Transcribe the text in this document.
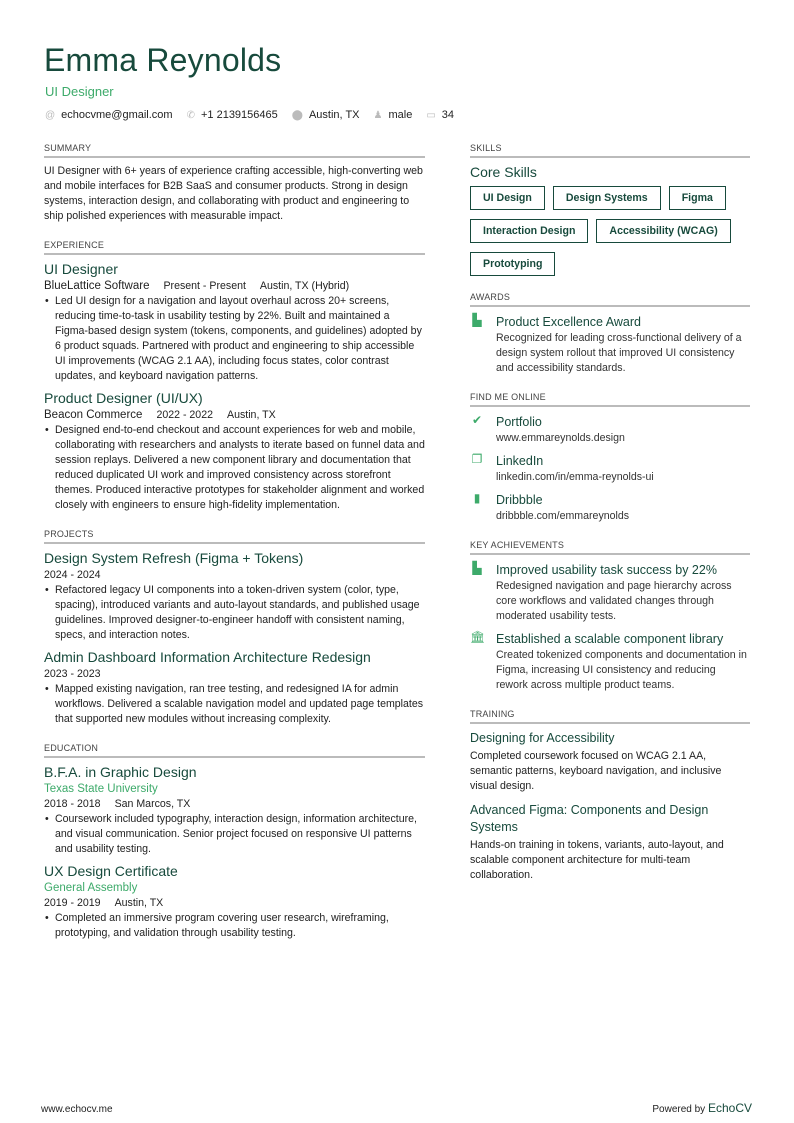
Emma Reynolds
UI Designer
@ echocvme@gmail.com ✆ +1 2139156465 ⬤ Austin, TX ♟ male ▭ 34
SUMMARY

UI Designer with 6+ years of experience crafting accessible, high-converting web and mobile interfaces for B2B SaaS and consumer products. Strong in design systems, interaction design, and collaborating with product and engineering to ship polished experiences with measurable impact.

EXPERIENCE
UI Designer
BlueLattice Software Present - Present Austin, TX (Hybrid)
• Led UI design for a navigation and layout overhaul across 20+ screens, reducing time-to-task in usability testing by 22%. Built and maintained a Figma-based design system (tokens, components, and guidelines) adopted by 6 product squads. Partnered with product and engineering to ship accessible UI improvements (WCAG 2.1 AA), including focus states, color contrast updates, and keyboard navigation patterns.
Product Designer (UI/UX)
Beacon Commerce 2022 - 2022 Austin, TX
• Designed end-to-end checkout and account experiences for web and mobile, collaborating with researchers and analysts to iterate based on funnel data and session replays. Delivered a new component library and documentation that reduced duplicated UI work and improved consistency across storefront themes. Produced interactive prototypes for stakeholder alignment and worked closely with engineers to ensure high-fidelity implementation.
PROJECTS
Design System Refresh (Figma + Tokens)
2024 - 2024
• Refactored legacy UI components into a token-driven system (color, type, spacing), introduced variants and auto-layout standards, and published usage guidelines. Improved designer-to-engineer handoff with consistent naming, specs, and interaction notes.
Admin Dashboard Information Architecture Redesign
2023 - 2023
• Mapped existing navigation, ran tree testing, and redesigned IA for admin workflows. Delivered a scalable navigation model and updated page templates that supported new modules without increasing complexity.
EDUCATION
B.F.A. in Graphic Design
Texas State University
2018 - 2018 San Marcos, TX
• Coursework included typography, interaction design, information architecture, and visual communication. Senior project focused on responsive UI patterns and usability testing.
UX Design Certificate
General Assembly
2019 - 2019 Austin, TX
• Completed an immersive program covering user research, wireframing, prototyping, and validation through usability testing.
SKILLS
Core Skills
UI Design	Design Systems	Figma
Interaction Design	Accessibility (WCAG)
Prototyping
AWARDS
▙ Product Excellence Award

Recognized for leading cross-functional delivery of a design system rollout that improved UI consistency and accessibility standards.

FIND ME ONLINE
✔ Portfolio

www.emmareynolds.design

❐ LinkedIn

linkedin.com/in/emma-reynolds-ui

▮ Dribbble

dribbble.com/emmareynolds

KEY ACHIEVEMENTS
▙ Improved usability task success by 22%

Redesigned navigation and page hierarchy across core workflows and validated changes through moderated usability tests.

🏛 Established a scalable component library

Created tokenized components and documentation in Figma, increasing UI consistency and reducing rework across multiple product teams.

TRAINING
Designing for Accessibility

Completed coursework focused on WCAG 2.1 AA, semantic patterns, keyboard navigation, and inclusive visual design.

Advanced Figma: Components and Design Systems

Hands-on training in tokens, variants, auto-layout, and scalable component architecture for multi-team collaboration.

www.echocv.me	Powered by EchoCV
